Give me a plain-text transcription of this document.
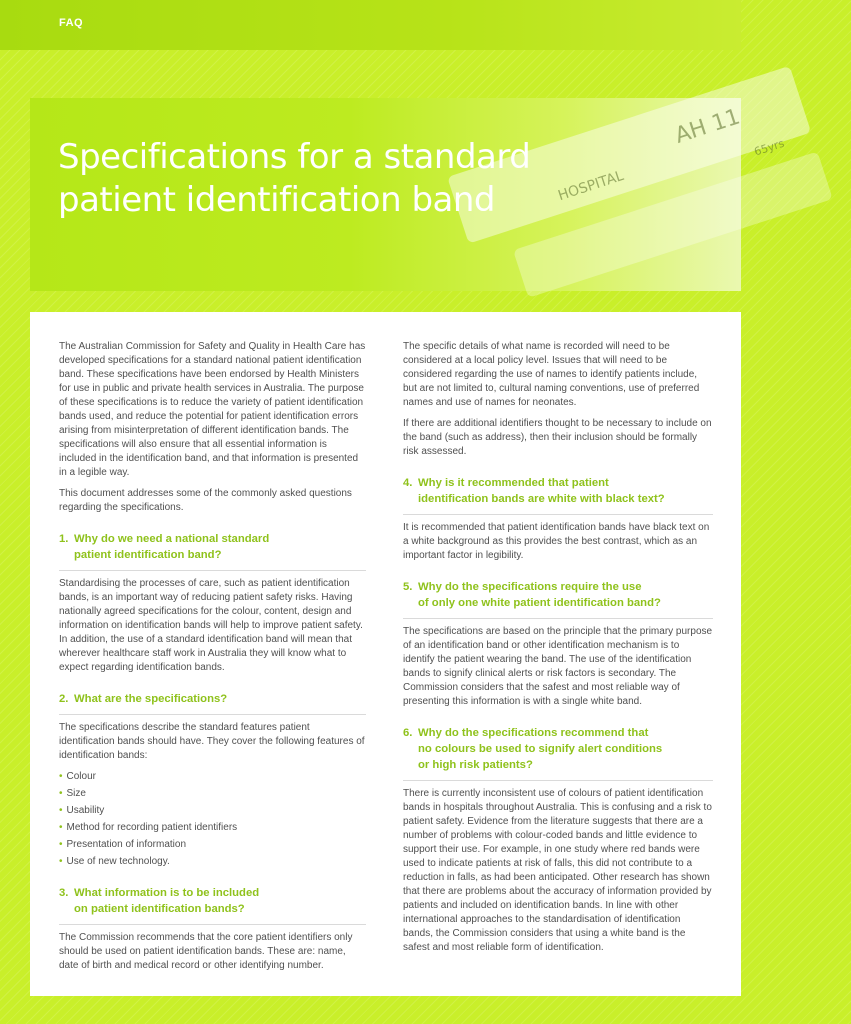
FAQ
AH 11
HOSPITAL
65yrs
Specifications for a standard
patient identification band

The Australian Commission for Safety and Quality in Health Care has developed specifications for a standard national patient identification band. These specifications have been endorsed by Health Ministers for use in public and private health services in Australia. The purpose of these specifications is to reduce the variety of patient identification bands used, and reduce the potential for patient identification errors arising from misinterpretation of different identification bands. The specifications will also ensure that all essential information is included in the identification band, and that information is presented in a legible way.

This document addresses some of the commonly asked questions regarding the specifications.

1. Why do we need a national standard
patient identification band?

Standardising the processes of care, such as patient identification bands, is an important way of reducing patient safety risks. Having nationally agreed specifications for the colour, content, design and information on identification bands will help to improve patient safety. In addition, the use of a standard identification band will mean that wherever healthcare staff work in Australia they will know what to expect regarding identification bands.

2. What are the specifications?

The specifications describe the standard features patient identification bands should have. They cover the following features of identification bands:

• Colour
• Size
• Usability
• Method for recording patient identifiers
• Presentation of information
• Use of new technology.
3. What information is to be included
on patient identification bands?

The Commission recommends that the core patient identifiers only should be used on patient identification bands. These are: name, date of birth and medical record or other identifying number.

The specific details of what name is recorded will need to be considered at a local policy level. Issues that will need to be considered regarding the use of names to identify patients include, but are not limited to, cultural naming conventions, use of preferred names and use of names for neonates.

If there are additional identifiers thought to be necessary to include on the band (such as address), then their inclusion should be formally risk assessed.

4. Why is it recommended that patient
identification bands are white with black text?

It is recommended that patient identification bands have black text on a white background as this provides the best contrast, which as an important factor in legibility.

5. Why do the specifications require the use
of only one white patient identification band?

The specifications are based on the principle that the primary purpose of an identification band or other identification mechanism is to identify the patient wearing the band. The use of the identification bands to signify clinical alerts or risk factors is secondary. The Commission considers that the safest and most reliable way of presenting this information is with a single white band.

6. Why do the specifications recommend that
no colours be used to signify alert conditions
or high risk patients?

There is currently inconsistent use of colours of patient identification bands in hospitals throughout Australia. This is confusing and a risk to patient safety. Evidence from the literature suggests that there are a number of problems with colour-coded bands and little evidence to support their use. For example, in one study where red bands were used to indicate patients at risk of falls, this did not contribute to a reduction in falls, as had been anticipated. Other research has shown that there are problems about the accuracy of information provided by patients and included on identification bands. In line with other international approaches to the standardisation of identification bands, the Commission considers that using a white band is the safest and most reliable form of identification.
